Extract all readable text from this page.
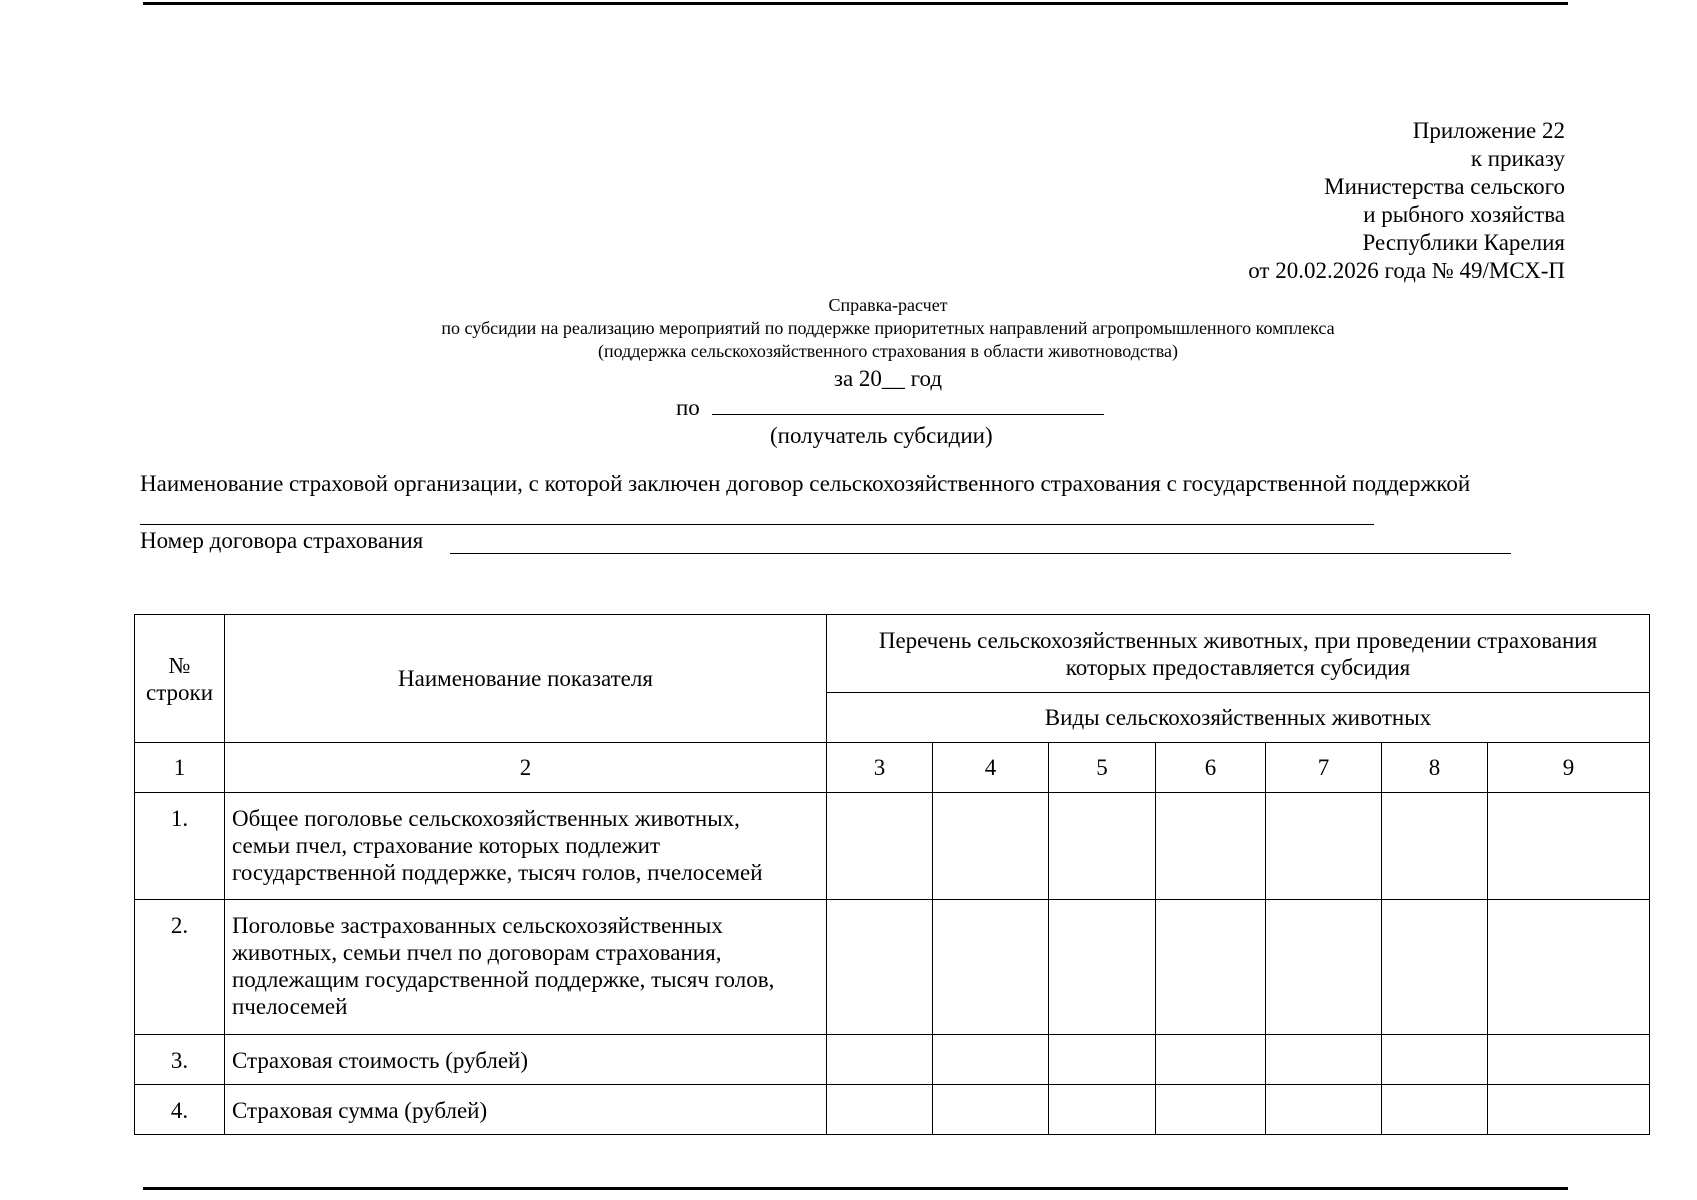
Приложение 22
к приказу
Министерства сельского
и рыбного хозяйства
Республики Карелия
от 20.02.2026 года № 49/МСХ-П
Справка-расчет
по субсидии на реализацию мероприятий по поддержке приоритетных направлений агропромышленного комплекса
(поддержка сельскохозяйственного страхования в области животноводства)
за 20__ год
по
(получатель субсидии)
Наименование страховой организации, с которой заключен договор сельскохозяйственного страхования с государственной поддержкой
Номер договора страхования
№ строки	Наименование показателя	Перечень сельскохозяйственных животных, при проведении страхования которых предоставляется субсидия						
		Виды сельскохозяйственных животных						
1	2	3	4	5	6	7	8	9
1.	Общее поголовье сельскохозяйственных животных,
семьи пчел, страхование которых подлежит
государственной поддержке, тысяч голов, пчелосемей							

2.	Поголовье застрахованных сельскохозяйственных
животных, семьи пчел по договорам страхования,
подлежащим государственной поддержке, тысяч голов,
пчелосемей							

3.	Страховая стоимость (рублей)							

4.	Страховая сумма (рублей)							
